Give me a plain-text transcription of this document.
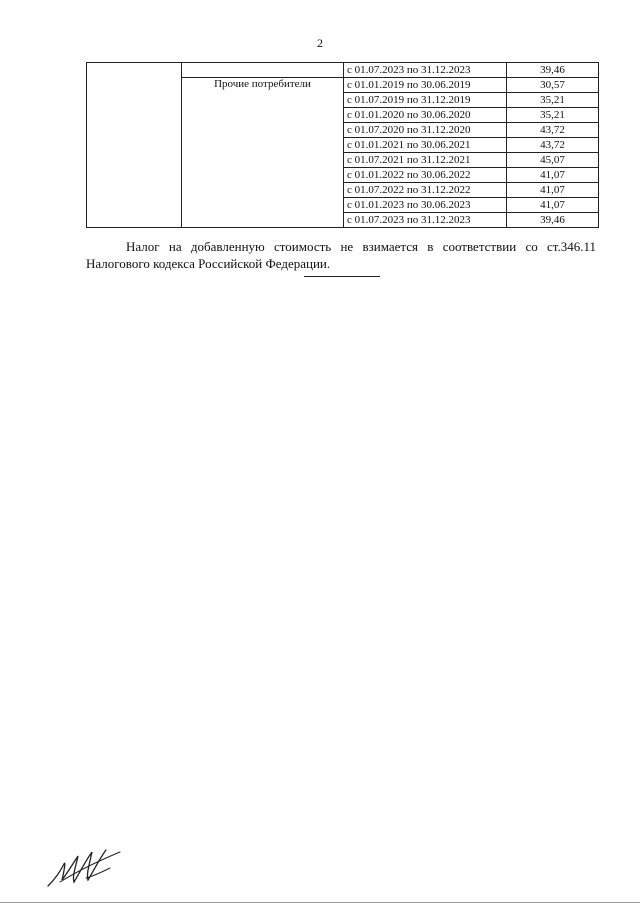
2
		с 01.07.2023 по 31.12.2023	39,46
	Прочие потребители	с 01.01.2019 по 30.06.2019	30,57
		с 01.07.2019 по 31.12.2019	35,21
		с 01.01.2020 по 30.06.2020	35,21
		с 01.07.2020 по 31.12.2020	43,72
		с 01.01.2021 по 30.06.2021	43,72
		с 01.07.2021 по 31.12.2021	45,07
		с 01.01.2022 по 30.06.2022	41,07
		с 01.07.2022 по 31.12.2022	41,07
		с 01.01.2023 по 30.06.2023	41,07
		с 01.07.2023 по 31.12.2023	39,46

Налог на добавленную стоимость не взимается в соответствии со ст.346.11 Налогового кодекса Российской Федерации.
